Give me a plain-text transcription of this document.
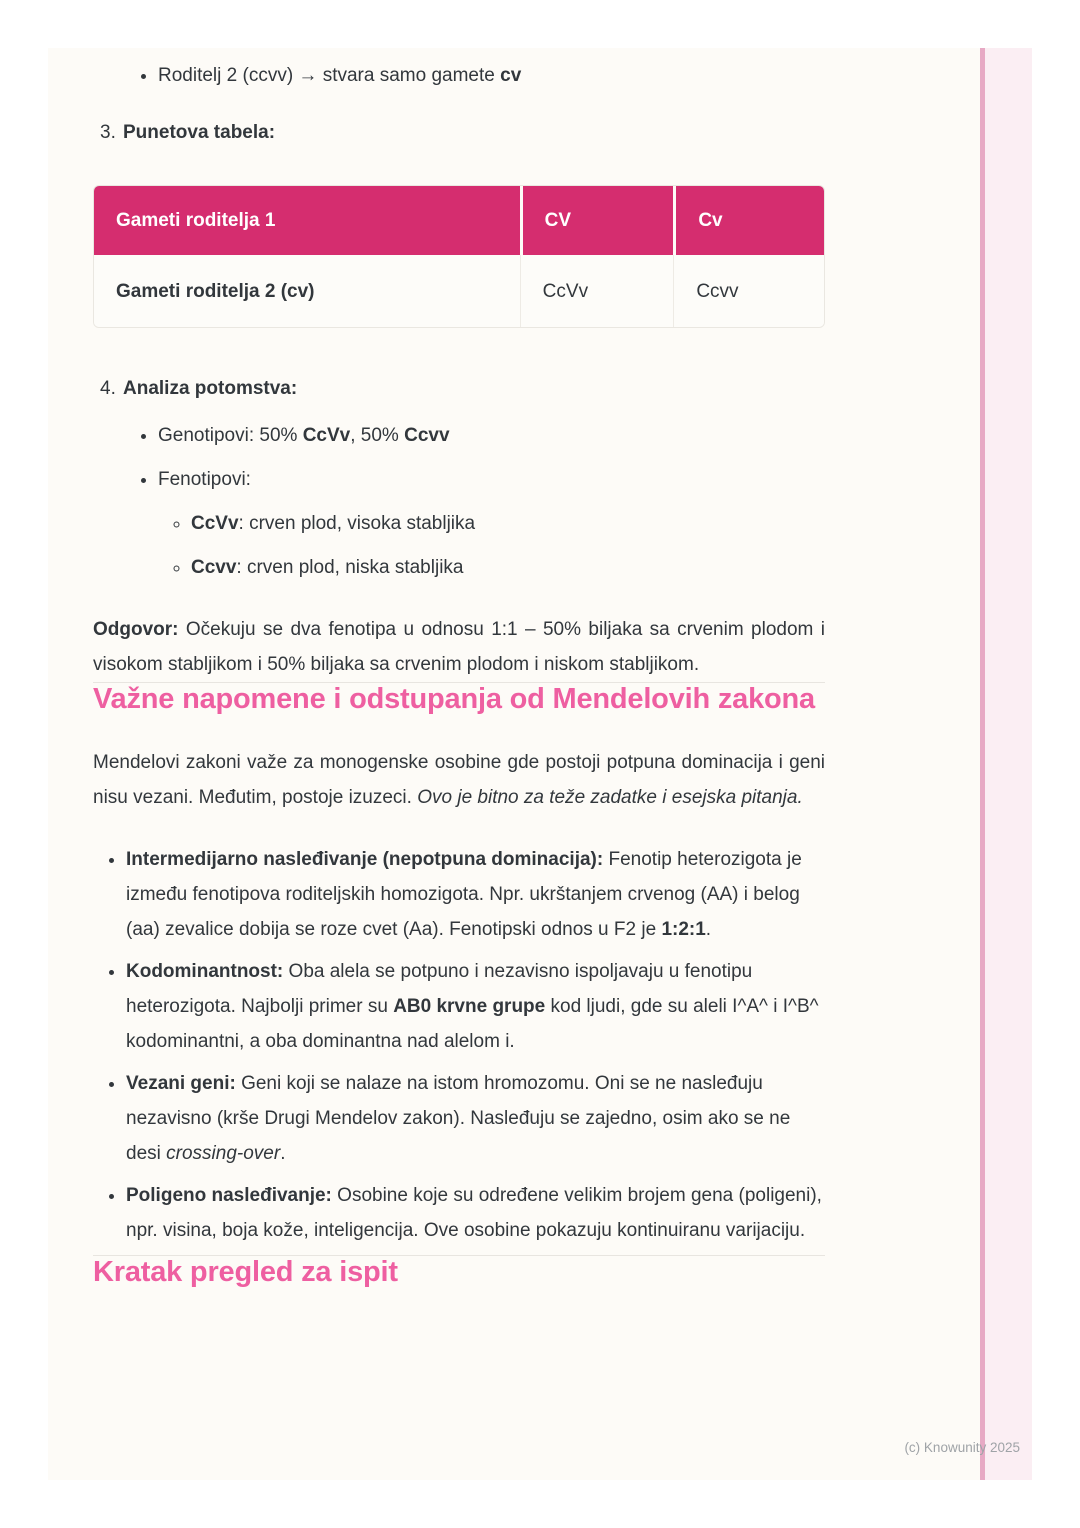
• Roditelj 2 (ccvv) → stvara samo gamete cv
3. Punetova tabela:
Gameti roditelja 1	CV	Cv
Gameti roditelja 2 (cv)	CcVv	Ccvv
4. Analiza potomstva:
• Genotipovi: 50% CcVv, 50% Ccvv
• Fenotipovi:
◦ CcVv: crven plod, visoka stabljika
◦ Ccvv: crven plod, niska stabljika

Odgovor: Očekuju se dva fenotipa u odnosu 1:1 – 50% biljaka sa crvenim plodom i visokom stabljikom i 50% biljaka sa crvenim plodom i niskom stabljikom.

Važne napomene i odstupanja od Mendelovih zakona

Mendelovi zakoni važe za monogenske osobine gde postoji potpuna dominacija i geni nisu vezani. Međutim, postoje izuzeci. Ovo je bitno za teže zadatke i esejska pitanja.

• Intermedijarno nasleđivanje (nepotpuna dominacija): Fenotip heterozigota je između fenotipova roditeljskih homozigota. Npr. ukrštanjem crvenog (AA) i belog (aa) zevalice dobija se roze cvet (Aa). Fenotipski odnos u F2 je 1:2:1.
• Kodominantnost: Oba alela se potpuno i nezavisno ispoljavaju u fenotipu heterozigota. Najbolji primer su AB0 krvne grupe kod ljudi, gde su aleli I^A^ i I^B^ kodominantni, a oba dominantna nad alelom i.
• Vezani geni: Geni koji se nalaze na istom hromozomu. Oni se ne nasleđuju nezavisno (krše Drugi Mendelov zakon). Nasleđuju se zajedno, osim ako se ne desi crossing-over.
• Poligeno nasleđivanje: Osobine koje su određene velikim brojem gena (poligeni), npr. visina, boja kože, inteligencija. Ove osobine pokazuju kontinuiranu varijaciju.
Kratak pregled za ispit
(c) Knowunity 2025
